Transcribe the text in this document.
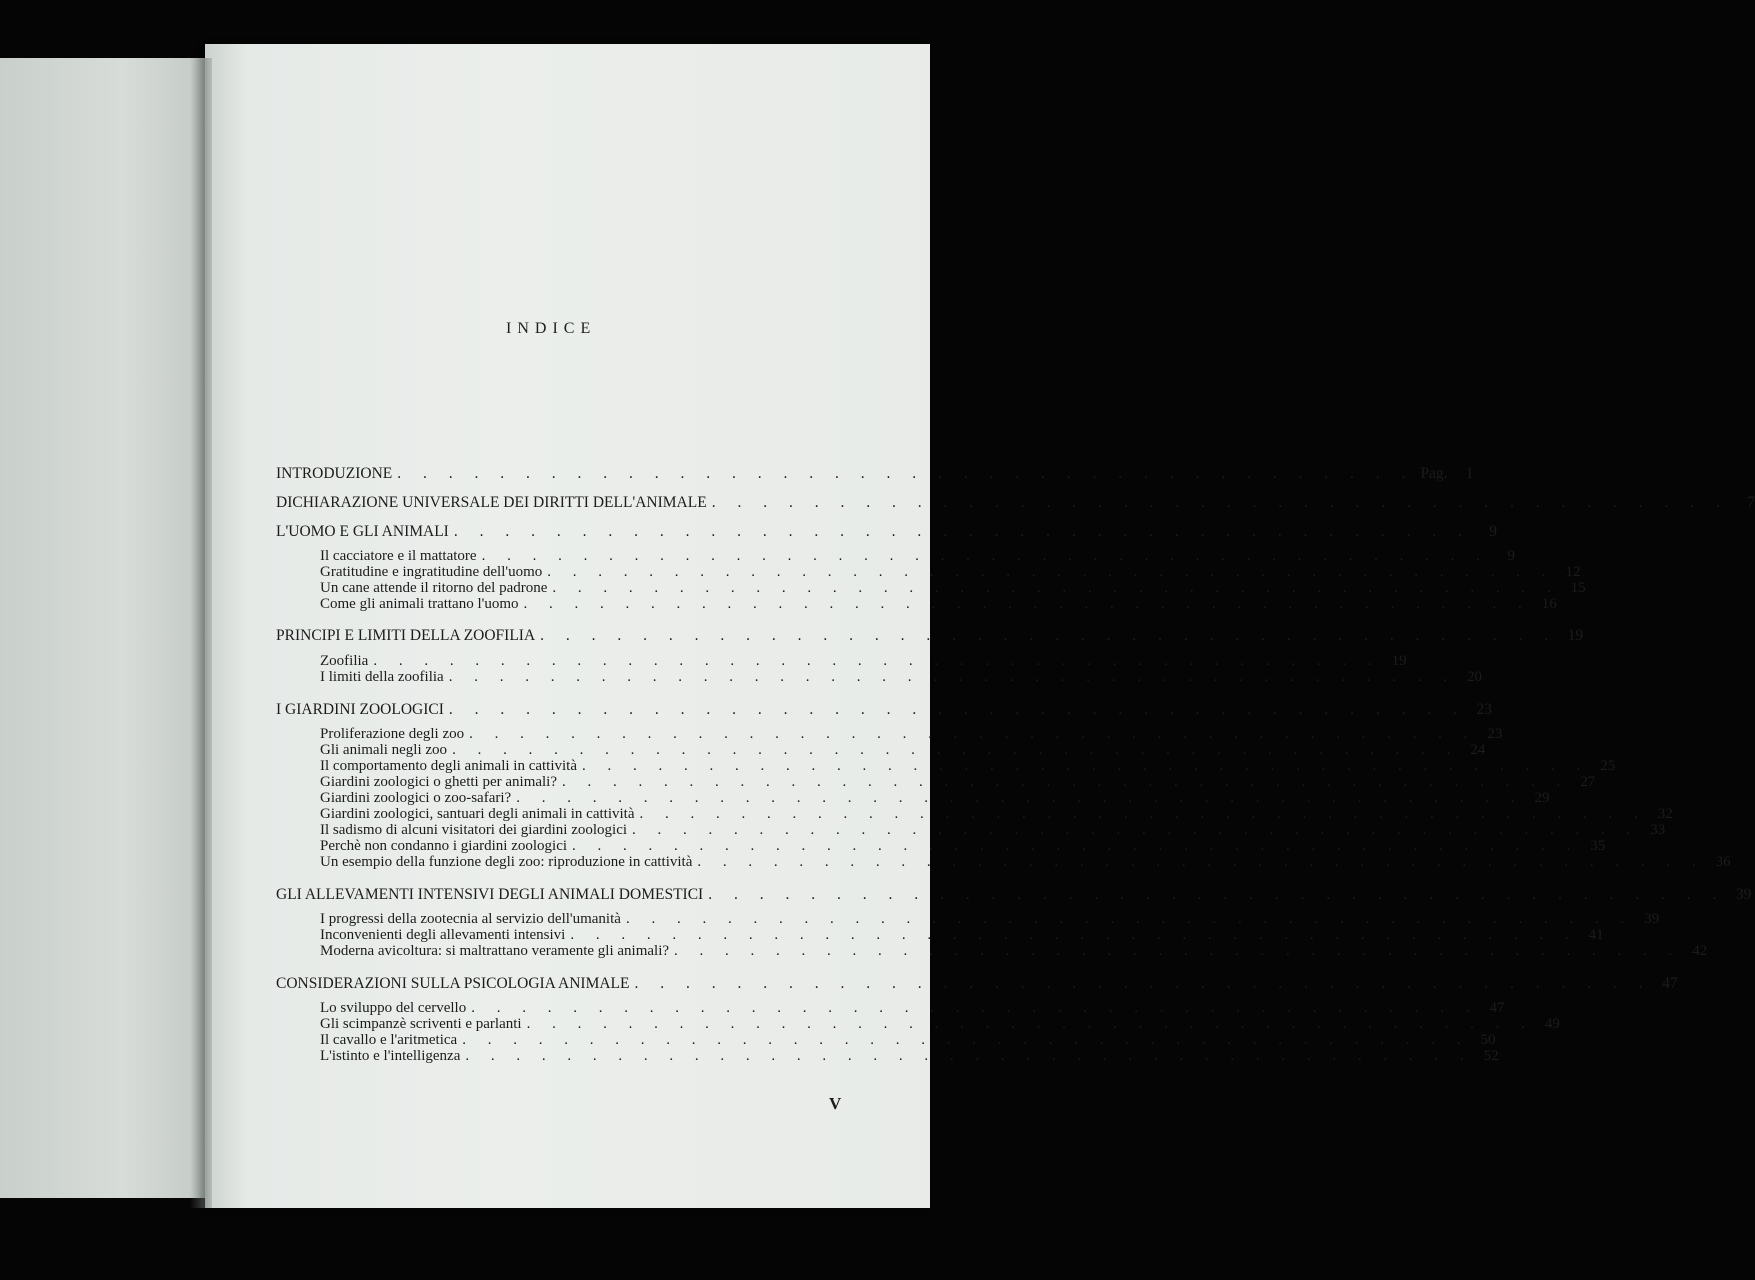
INDICE
INTRODUZIONE . . . . . . . . . . . . . . . . . . . . . . . . . . . . . . . . . . . . . . . . Pag.	1
DICHIARAZIONE UNIVERSALE DEI DIRITTI DELL'ANIMALE . . . . . . . . . . . . . . . . . . . . . . . . . . . . . . . . . . . . . . . .	7
L'UOMO E GLI ANIMALI . . . . . . . . . . . . . . . . . . . . . . . . . . . . . . . . . . . . . . . .	9
Il cacciatore e il mattatore . . . . . . . . . . . . . . . . . . . . . . . . . . . . . . . . . . . . . . . .	9
Gratitudine e ingratitudine dell'uomo . . . . . . . . . . . . . . . . . . . . . . . . . . . . . . . . . . . . . . . . 12
Un cane attende il ritorno del padrone . . . . . . . . . . . . . . . . . . . . . . . . . . . . . . . . . . . . . . . . 15
Come gli animali trattano l'uomo . . . . . . . . . . . . . . . . . . . . . . . . . . . . . . . . . . . . . . . . 16
PRINCIPI E LIMITI DELLA ZOOFILIA . . . . . . . . . . . . . . . . . . . . . . . . . . . . . . . . . . . . . . . . 19
Zoofilia . . . . . . . . . . . . . . . . . . . . . . . . . . . . . . . . . . . . . . . . 19
I limiti della zoofilia . . . . . . . . . . . . . . . . . . . . . . . . . . . . . . . . . . . . . . . . 20
I GIARDINI ZOOLOGICI . . . . . . . . . . . . . . . . . . . . . . . . . . . . . . . . . . . . . . . . 23
Proliferazione degli zoo . . . . . . . . . . . . . . . . . . . . . . . . . . . . . . . . . . . . . . . . 23
Gli animali negli zoo . . . . . . . . . . . . . . . . . . . . . . . . . . . . . . . . . . . . . . . . 24
Il comportamento degli animali in cattività . . . . . . . . . . . . . . . . . . . . . . . . . . . . . . . . . . . . . . . . 25
Giardini zoologici o ghetti per animali? . . . . . . . . . . . . . . . . . . . . . . . . . . . . . . . . . . . . . . . . 27
Giardini zoologici o zoo-safari? . . . . . . . . . . . . . . . . . . . . . . . . . . . . . . . . . . . . . . . . 29
Giardini zoologici, santuari degli animali in cattività . . . . . . . . . . . . . . . . . . . . . . . . . . . . . . . . . . . . . . . . 32
Il sadismo di alcuni visitatori dei giardini zoologici . . . . . . . . . . . . . . . . . . . . . . . . . . . . . . . . . . . . . . . . 33
Perchè non condanno i giardini zoologici . . . . . . . . . . . . . . . . . . . . . . . . . . . . . . . . . . . . . . . . 35
Un esempio della funzione degli zoo: riproduzione in cattività . . . . . . . . . . . . . . . . . . . . . . . . . . . . . . . . . . . . . . . . 36
GLI ALLEVAMENTI INTENSIVI DEGLI ANIMALI DOMESTICI . . . . . . . . . . . . . . . . . . . . . . . . . . . . . . . . . . . . . . . . 39
I progressi della zootecnia al servizio dell'umanità . . . . . . . . . . . . . . . . . . . . . . . . . . . . . . . . . . . . . . . . 39
Inconvenienti degli allevamenti intensivi . . . . . . . . . . . . . . . . . . . . . . . . . . . . . . . . . . . . . . . . 41
Moderna avicoltura: si maltrattano veramente gli animali? . . . . . . . . . . . . . . . . . . . . . . . . . . . . . . . . . . . . . . . . 42
CONSIDERAZIONI SULLA PSICOLOGIA ANIMALE . . . . . . . . . . . . . . . . . . . . . . . . . . . . . . . . . . . . . . . . 47
Lo sviluppo del cervello . . . . . . . . . . . . . . . . . . . . . . . . . . . . . . . . . . . . . . . . 47
Gli scimpanzè scriventi e parlanti . . . . . . . . . . . . . . . . . . . . . . . . . . . . . . . . . . . . . . . . 49
Il cavallo e l'aritmetica . . . . . . . . . . . . . . . . . . . . . . . . . . . . . . . . . . . . . . . . 50
L'istinto e l'intelligenza . . . . . . . . . . . . . . . . . . . . . . . . . . . . . . . . . . . . . . . . 52
V
